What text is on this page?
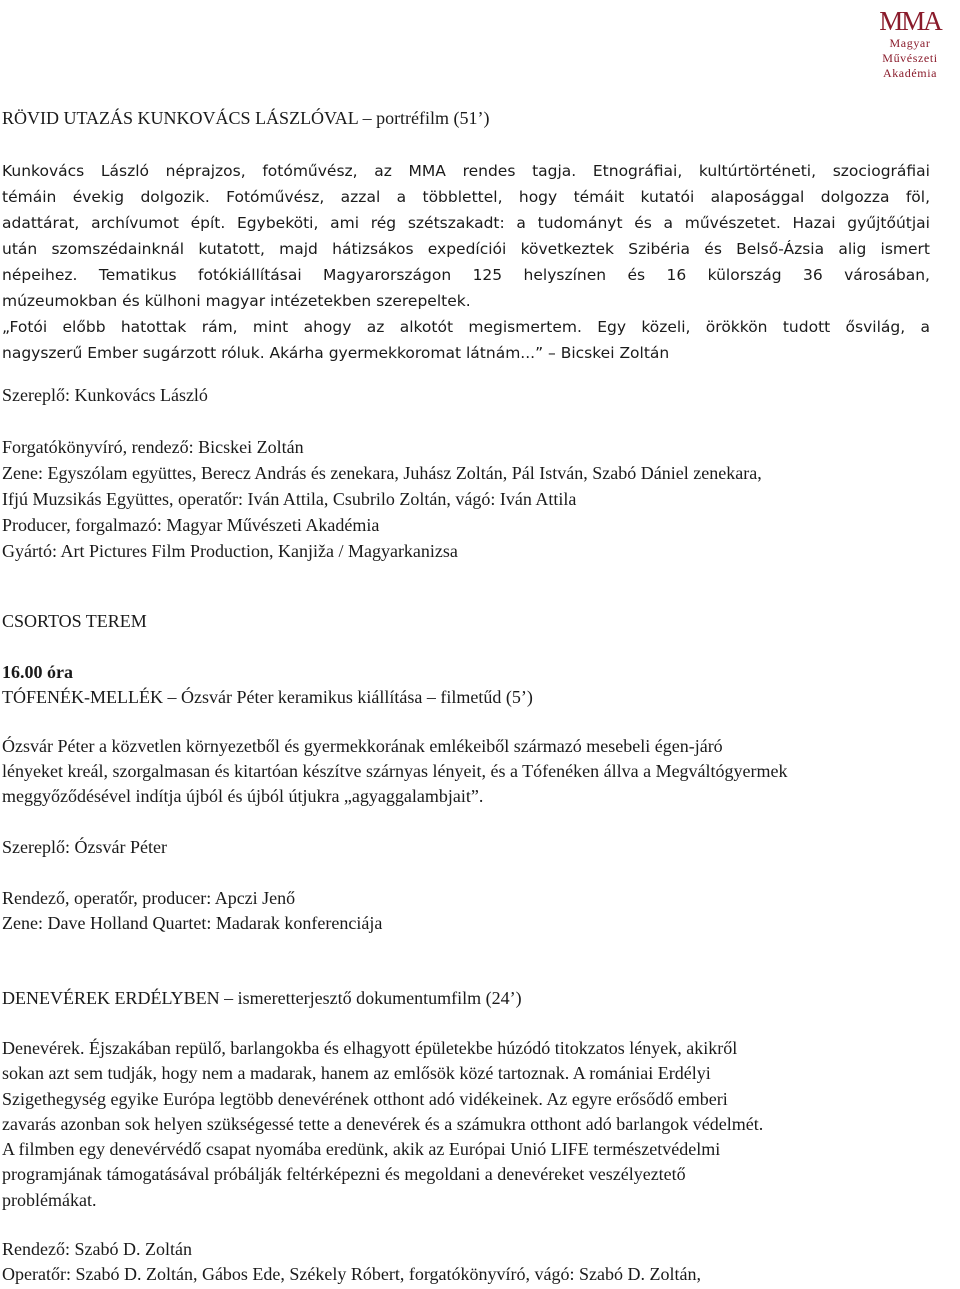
MMA
Magyar
Művészeti
Akadémia
RÖVID UTAZÁS KUNKOVÁCS LÁSZLÓVAL – portréfilm (51’)
Kunkovács László néprajzos, fotóművész, az MMA rendes tagja. Etnográfiai, kultúrtörténeti, szociográfiai
témáin évekig dolgozik. Fotóművész, azzal a többlettel, hogy témáit kutatói alaposággal dolgozza föl,
adattárat, archívumot épít. Egybeköti, ami rég szétszakadt: a tudományt és a művészetet. Hazai gyűjtőútjai
után szomszédainknál kutatott, majd hátizsákos expedíciói következtek Szibéria és Belső-Ázsia alig ismert
népeihez. Tematikus fotókiállításai Magyarországon 125 helyszínen és 16 külország 36 városában,
múzeumokban és külhoni magyar intézetekben szerepeltek.
„Fotói előbb hatottak rám, mint ahogy az alkotót megismertem. Egy közeli, örökkön tudott ősvilág, a
nagyszerű Ember sugárzott róluk. Akárha gyermekkoromat látnám...” – Bicskei Zoltán
Szereplő: Kunkovács László
Forgatókönyvíró, rendező: Bicskei Zoltán
Zene: Egyszólam együttes, Berecz András és zenekara, Juhász Zoltán, Pál István, Szabó Dániel zenekara,
Ifjú Muzsikás Együttes, operatőr: Iván Attila, Csubrilo Zoltán, vágó: Iván Attila
Producer, forgalmazó: Magyar Művészeti Akadémia
Gyártó: Art Pictures Film Production, Kanjiža / Magyarkanizsa
CSORTOS TEREM
16.00 óra
TÓFENÉK-MELLÉK – Ózsvár Péter keramikus kiállítása – filmetűd (5’)
Ózsvár Péter a közvetlen környezetből és gyermekkorának emlékeiből származó mesebeli égen-járó
lényeket kreál, szorgalmasan és kitartóan készítve szárnyas lényeit, és a Tófenéken állva a Megváltógyermek
meggyőződésével indítja újból és újból útjukra „agyaggalambjait”.
Szereplő: Ózsvár Péter
Rendező, operatőr, producer: Apczi Jenő
Zene: Dave Holland Quartet: Madarak konferenciája
DENEVÉREK ERDÉLYBEN – ismeretterjesztő dokumentumfilm (24’)
Denevérek. Éjszakában repülő, barlangokba és elhagyott épületekbe húzódó titokzatos lények, akikről
sokan azt sem tudják, hogy nem a madarak, hanem az emlősök közé tartoznak. A romániai Erdélyi
Szigethegység egyike Európa legtöbb denevérének otthont adó vidékeinek. Az egyre erősődő emberi
zavarás azonban sok helyen szükségessé tette a denevérek és a számukra otthont adó barlangok védelmét.
A filmben egy denevérvédő csapat nyomába eredünk, akik az Európai Unió LIFE természetvédelmi
programjának támogatásával próbálják feltérképezni és megoldani a denevéreket veszélyeztető
problémákat.
Rendező: Szabó D. Zoltán
Operatőr: Szabó D. Zoltán, Gábos Ede, Székely Róbert, forgatókönyvíró, vágó: Szabó D. Zoltán,
